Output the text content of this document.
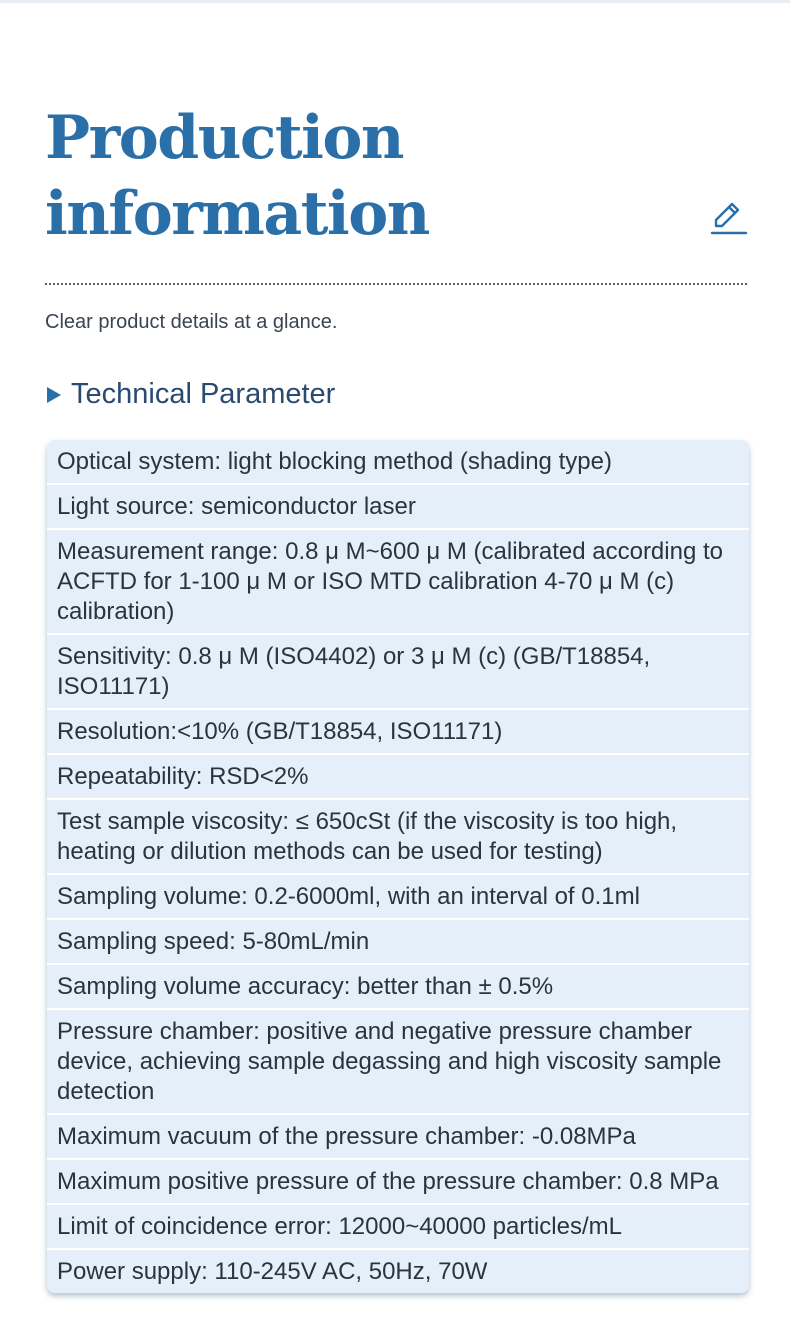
Production
information
Clear product details at a glance.
Technical Parameter
Optical system: light blocking method (shading type)
Light source: semiconductor laser
Measurement range: 0.8 μ M~600 μ M (calibrated according to ACFTD for 1-100 μ M or ISO MTD calibration 4-70 μ M (c) calibration)
Sensitivity: 0.8 μ M (ISO4402) or 3 μ M (c) (GB/T18854, ISO11171)
Resolution:<10% (GB/T18854, ISO11171)
Repeatability: RSD<2%
Test sample viscosity: ≤ 650cSt (if the viscosity is too high, heating or dilution methods can be used for testing)
Sampling volume: 0.2-6000ml, with an interval of 0.1ml
Sampling speed: 5-80mL/min
Sampling volume accuracy: better than ± 0.5%
Pressure chamber: positive and negative pressure chamber device, achieving sample degassing and high viscosity sample detection
Maximum vacuum of the pressure chamber: -0.08MPa
Maximum positive pressure of the pressure chamber: 0.8 MPa
Limit of coincidence error: 12000~40000 particles/mL
Power supply: 110-245V AC, 50Hz, 70W
